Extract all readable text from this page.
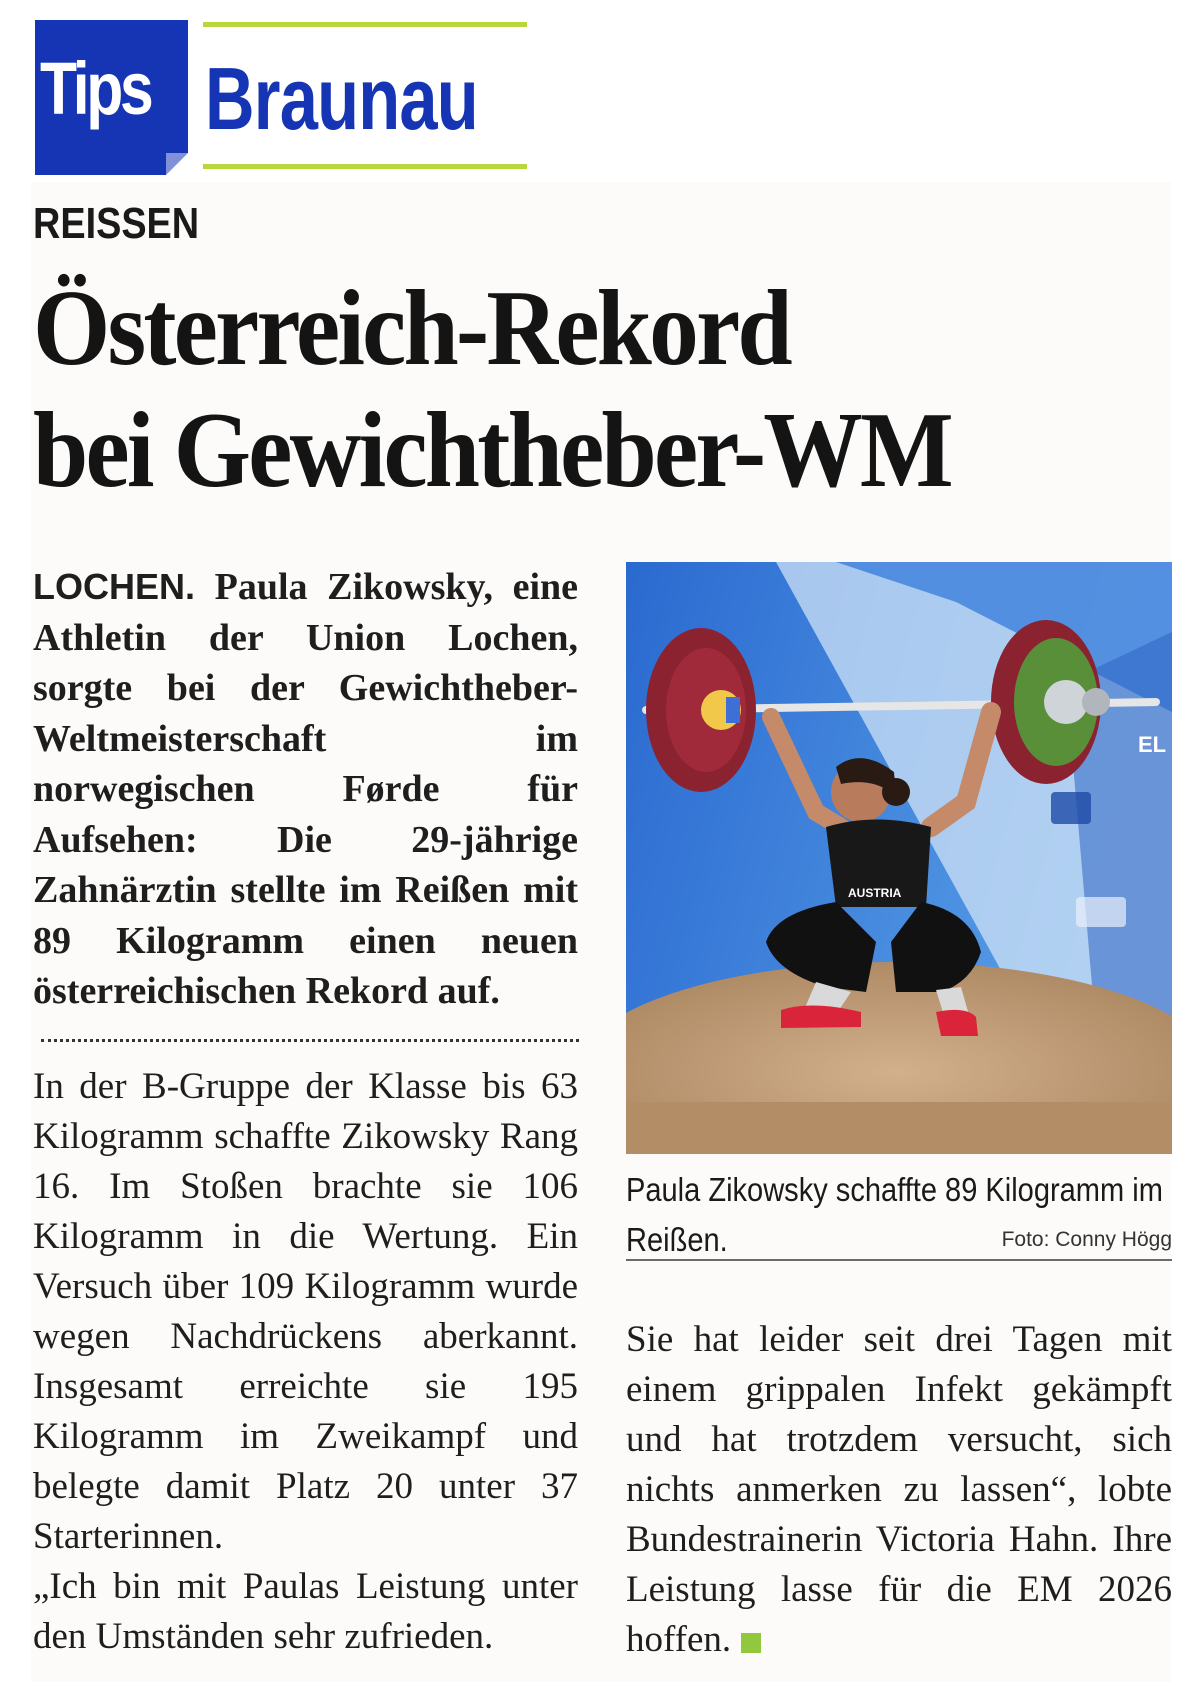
Tips Braunau
REISSEN
Österreich-Rekord
bei Gewichtheber-WM

LOCHEN. Paula Zikowsky, eine Athletin der Union Lochen, sorgte bei der Gewichtheber-Weltmeisterschaft im norwegischen Førde für Aufsehen: Die 29-jährige Zahnärztin stellte im Reißen mit 89 Kilogramm einen neuen österreichischen Rekord auf.

In der B-Gruppe der Klasse bis 63 Kilogramm schaffte Zikowsky Rang 16. Im Stoßen brachte sie 106 Kilogramm in die Wertung. Ein Versuch über 109 Kilogramm wurde wegen Nachdrückens aberkannt. Insgesamt erreichte sie 195 Kilogramm im Zweikampf und belegte damit Platz 20 unter 37 Starterinnen.

„Ich bin mit Paulas Leistung unter den Umständen sehr zufrieden.

EL
AUSTRIA
Paula Zikowsky schaffte 89 Kilogramm im Reißen.	Foto: Conny Högg

Sie hat leider seit drei Tagen mit einem grippalen Infekt gekämpft und hat trotzdem versucht, sich nichts anmerken zu lassen“, lobte Bundestrainerin Victoria Hahn. Ihre Leistung lasse für die EM 2026 hoffen.
